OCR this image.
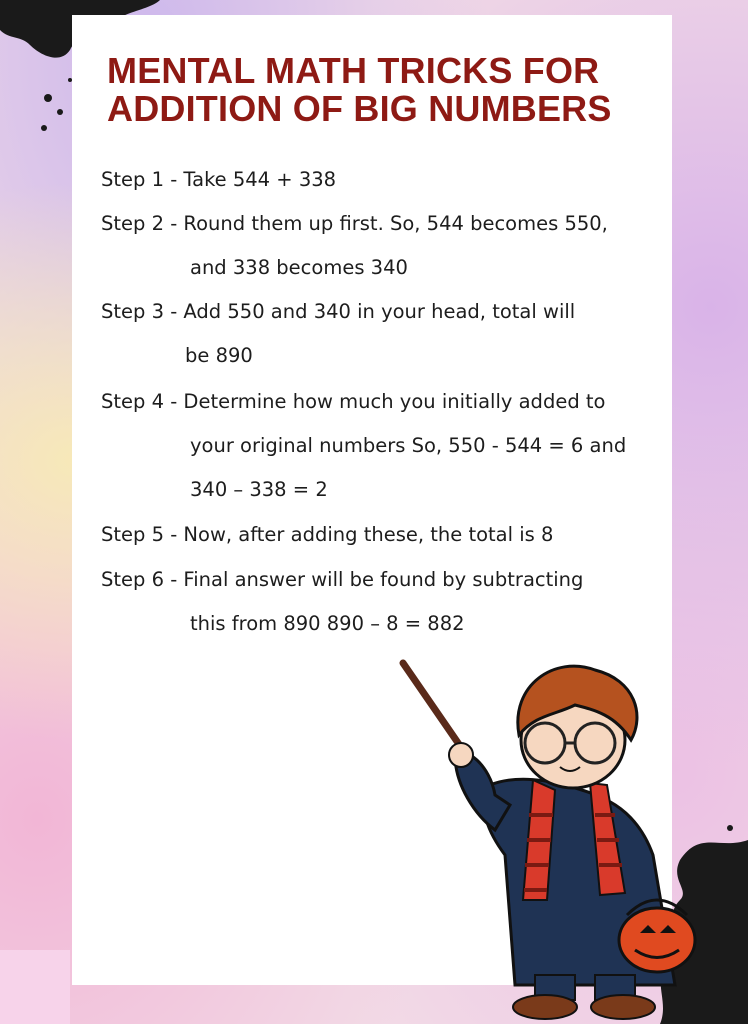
MENTAL MATH TRICKS FOR
ADDITION OF BIG NUMBERS
Step 1 - Take 544 + 338
Step 2 - Round them up first. So, 544 becomes 550,
and 338 becomes 340
Step 3 - Add 550 and 340 in your head, total will
be 890
Step 4 - Determine how much you initially added to
your original numbers So, 550 - 544 = 6 and
340 – 338 = 2
Step 5 - Now, after adding these, the total is 8
Step 6 - Final answer will be found by subtracting
this from 890 890 – 8 = 882
